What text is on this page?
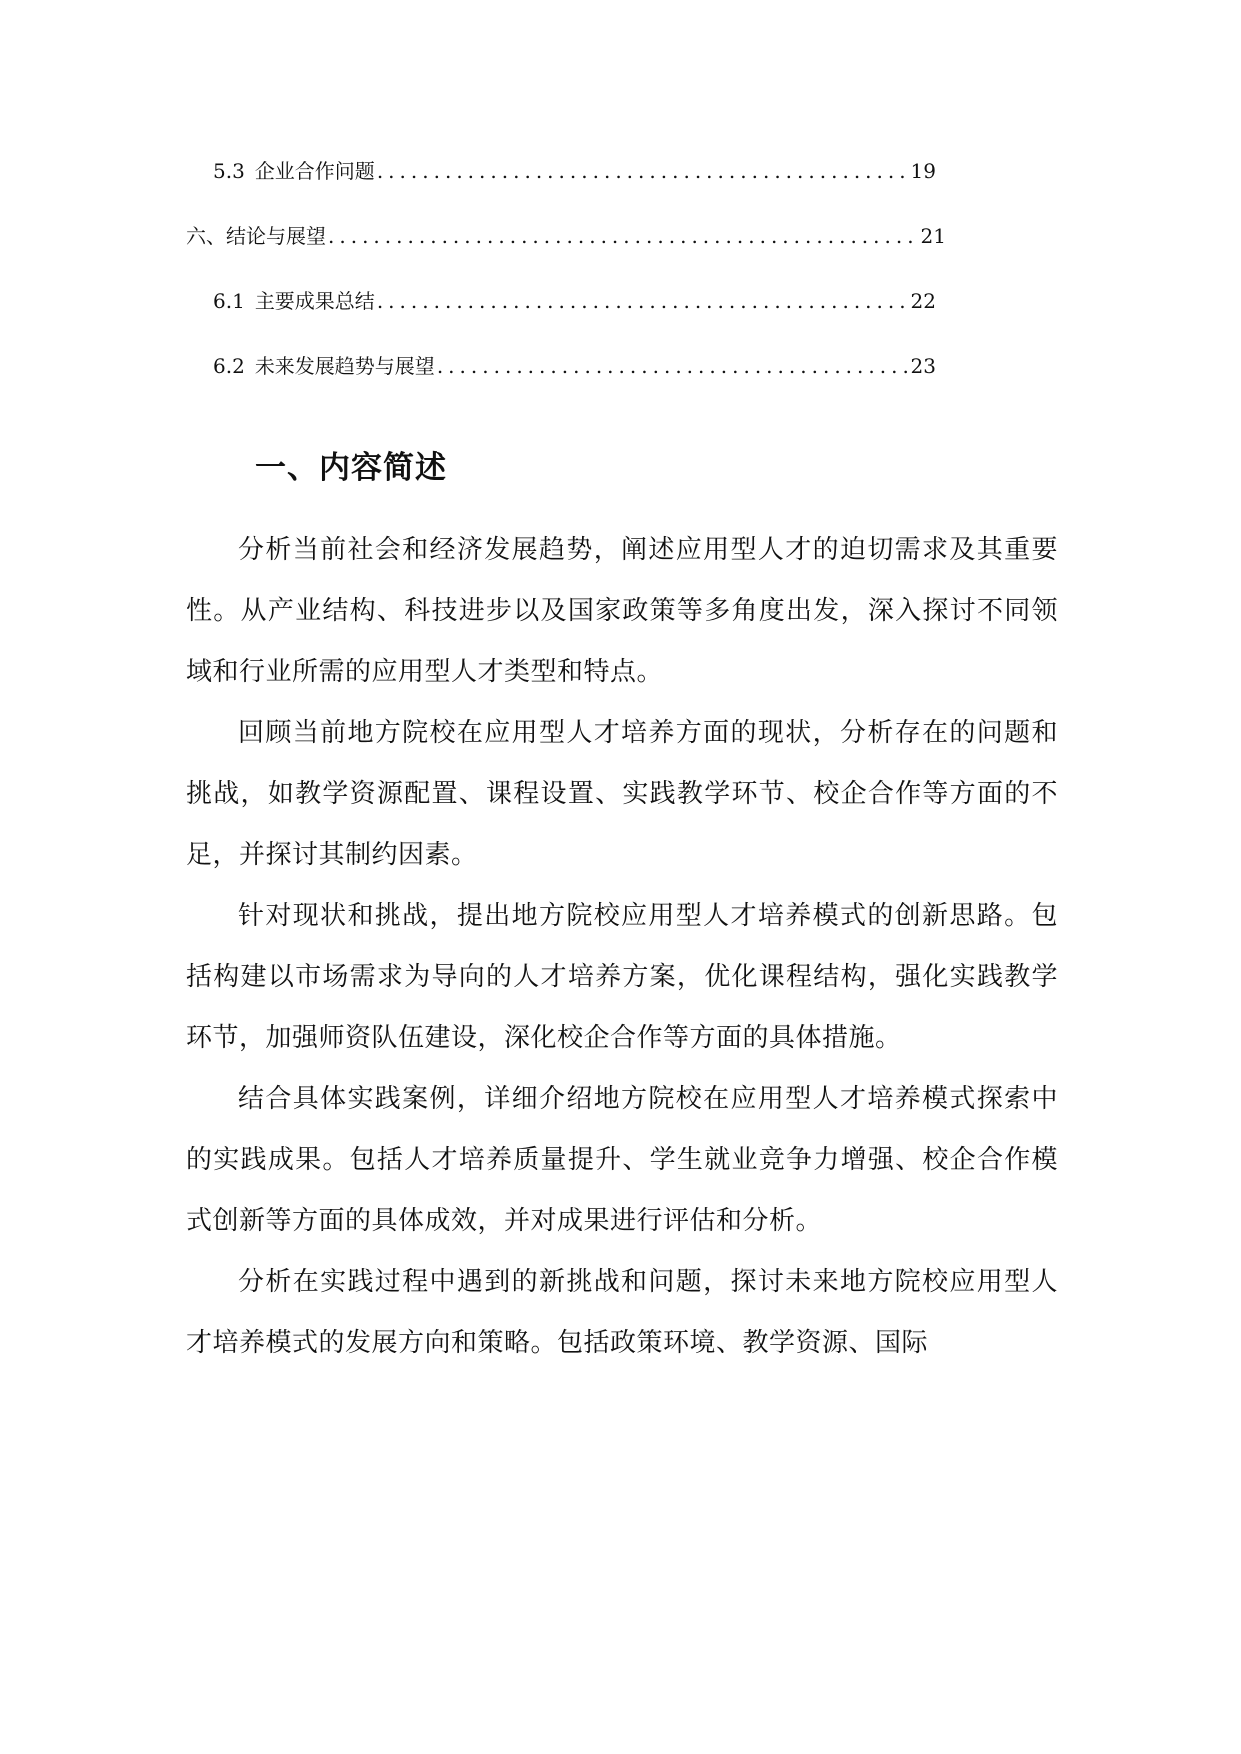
5.3 企业合作问题 .....	19
六、结论与展望 .....	21
6.1 主要成果总结 .....	22
6.2 未来发展趋势与展望 .....	23
一、内容简述

分析当前社会和经济发展趋势，阐述应用型人才的迫切需求及其重要性。从产业结构、科技进步以及国家政策等多角度出发，深入探讨不同领域和行业所需的应用型人才类型和特点。

回顾当前地方院校在应用型人才培养方面的现状，分析存在的问题和挑战，如教学资源配置、课程设置、实践教学环节、校企合作等方面的不足，并探讨其制约因素。

针对现状和挑战，提出地方院校应用型人才培养模式的创新思路。包括构建以市场需求为导向的人才培养方案，优化课程结构，强化实践教学环节，加强师资队伍建设，深化校企合作等方面的具体措施。

结合具体实践案例，详细介绍地方院校在应用型人才培养模式探索中的实践成果。包括人才培养质量提升、学生就业竞争力增强、校企合作模式创新等方面的具体成效，并对成果进行评估和分析。

分析在实践过程中遇到的新挑战和问题，探讨未来地方院校应用型人才培养模式的发展方向和策略。包括政策环境、教学资源、国际
